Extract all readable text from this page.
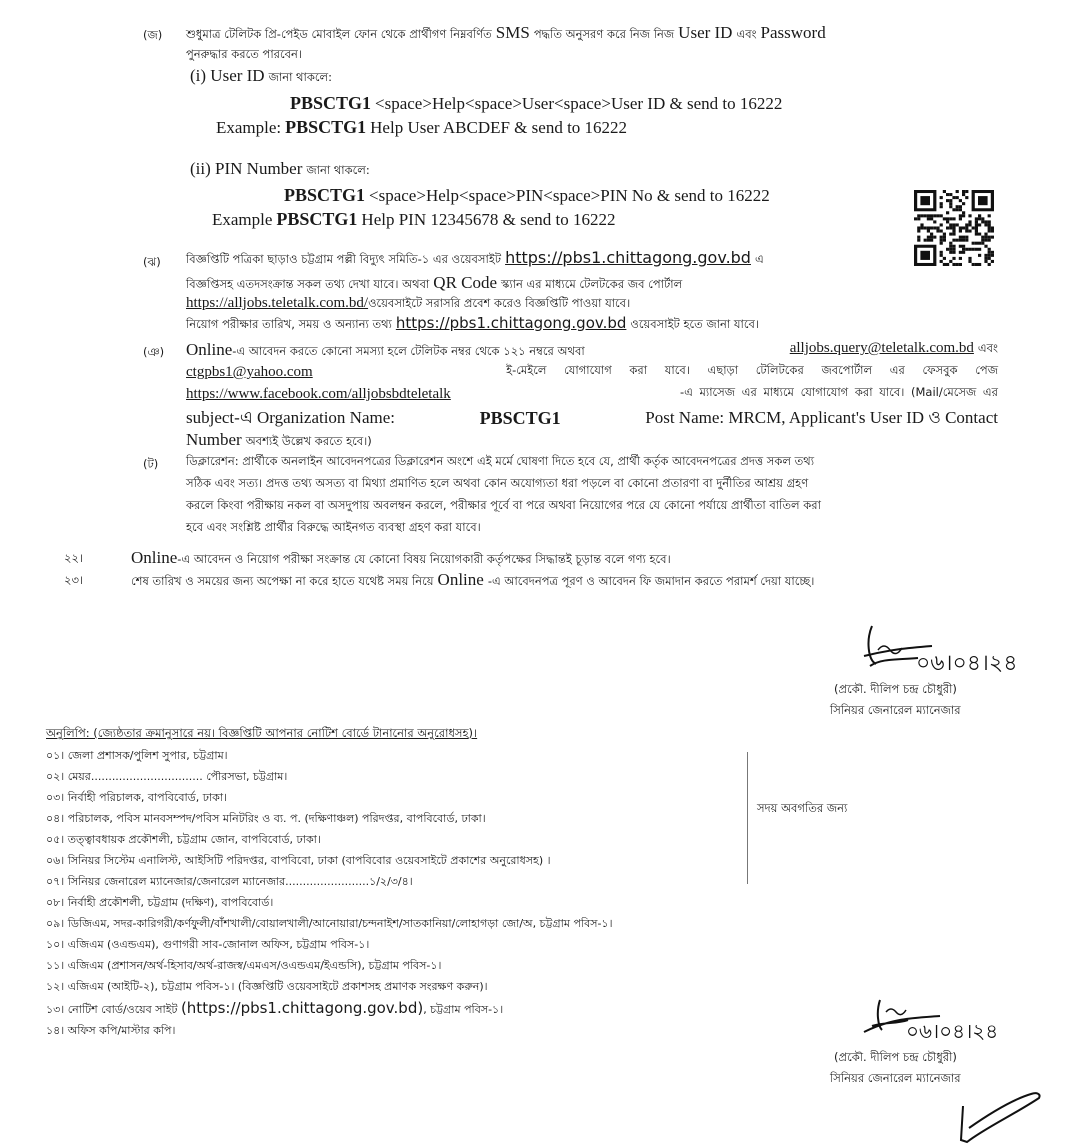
(জ) শুধুমাত্র টেলিটক প্রি-পেইড মোবাইল ফোন থেকে প্রার্থীগণ নিম্নবর্ণিত SMS পদ্ধতি অনুসরণ করে নিজ নিজ User ID এবং Password
পুনরুদ্ধার করতে পারবেন।
(i) User ID জানা থাকলে:
PBSCTG1 <space>Help<space>User<space>User ID & send to 16222
Example: PBSCTG1 Help User ABCDEF & send to 16222
(ii) PIN Number জানা থাকলে:
PBSCTG1 <space>Help<space>PIN<space>PIN No & send to 16222
Example PBSCTG1 Help PIN 12345678 & send to 16222
(ঝ) বিজ্ঞপ্তিটি পত্রিকা ছাড়াও চট্টগ্রাম পল্লী বিদ্যুৎ সমিতি-১ এর ওয়েবসাইট https://pbs1.chittagong.gov.bd এ
বিজ্ঞপ্তিসহ এতদসংক্রান্ত সকল তথ্য দেখা যাবে। অথবা QR Code স্ক্যান এর মাধ্যমে টেলটকের জব পোর্টাল
https://alljobs.teletalk.com.bd/ওয়েবসাইটে সরাসরি প্রবেশ করেও বিজ্ঞপ্তিটি পাওয়া যাবে।
নিয়োগ পরীক্ষার তারিখ, সময় ও অন্যান্য তথ্য https://pbs1.chittagong.gov.bd ওয়েবসাইট হতে জানা যাবে।
(ঞ) Online-এ আবেদন করতে কোনো সমস্যা হলে টেলিটক নম্বর থেকে ১২১ নম্বরে অথবা	alljobs.query@teletalk.com.bd এবং
ctgpbs1@yahoo.com	ই-মেইলে যোগাযোগ করা যাবে। এছাড়া টেলিটকের জবপোর্টাল এর ফেসবুক পেজ
https://www.facebook.com/alljobsbdteletalk	-এ ম্যাসেজ এর মাধ্যমে যোগাযোগ করা যাবে। (Mail/মেসেজ এর
subject-এ Organization Name:	PBSCTG1	Post Name: MRCM, Applicant's User ID ও Contact
Number অবশ্যই উল্লেখ করতে হবে।)
(ট) ডিক্লারেশন: প্রার্থীকে অনলাইন আবেদনপত্রের ডিক্লারেশন অংশে এই মর্মে ঘোষণা দিতে হবে যে, প্রার্থী কর্তৃক আবেদনপত্রের প্রদত্ত সকল তথ্য
সঠিক এবং সত্য। প্রদত্ত তথ্য অসত্য বা মিথ্যা প্রমাণিত হলে অথবা কোন অযোগ্যতা ধরা পড়লে বা কোনো প্রতারণা বা দুর্নীতির আশ্রয় গ্রহণ
করলে কিংবা পরীক্ষায় নকল বা অসদুপায় অবলম্বন করলে, পরীক্ষার পূর্বে বা পরে অথবা নিয়োগের পরে যে কোনো পর্যায়ে প্রার্থীতা বাতিল করা
হবে এবং সংশ্লিষ্ট প্রার্থীর বিরুদ্ধে আইনগত ব্যবস্থা গ্রহণ করা যাবে।
২২।	Online-এ আবেদন ও নিয়োগ পরীক্ষা সংক্রান্ত যে কোনো বিষয় নিয়োগকারী কর্তৃপক্ষের সিদ্ধান্তই চূড়ান্ত বলে গণ্য হবে।
২৩।	শেষ তারিখ ও সময়ের জন্য অপেক্ষা না করে হাতে যথেষ্ট সময় নিয়ে Online -এ আবেদনপত্র পূরণ ও আবেদন ফি জমাদান করতে পরামর্শ দেয়া যাচ্ছে।
০৬।০৪।২৪
(প্রকৌ. দীলিপ চন্দ্র চৌধুরী)
সিনিয়র জেনারেল ম্যানেজার
অনুলিপি: (জ্যেষ্ঠতার ক্রমানুসারে নয়। বিজ্ঞপ্তিটি আপনার নোটিশ বোর্ডে টানানোর অনুরোধসহ)।
০১। জেলা প্রশাসক/পুলিশ সুপার, চট্টগ্রাম।
০২। মেয়র................................ পৌরসভা, চট্টগ্রাম।
০৩। নির্বাহী পরিচালক, বাপবিবোর্ড, ঢাকা।
০৪। পরিচালক, পবিস মানবসম্পদ/পবিস মনিটরিং ও ব্য. প. (দক্ষিণাঞ্চল) পরিদপ্তর, বাপবিবোর্ড, ঢাকা।
০৫। তত্ত্বাবধায়ক প্রকৌশলী, চট্টগ্রাম জোন, বাপবিবোর্ড, ঢাকা।
০৬। সিনিয়র সিস্টেম এনালিস্ট, আইসিটি পরিদপ্তর, বাপবিবো, ঢাকা (বাপবিবোর ওয়েবসাইটে প্রকাশের অনুরোধসহ) ।
০৭। সিনিয়র জেনারেল ম্যানেজার/জেনারেল ম্যানেজার........................১/২/৩/৪।
০৮। নির্বাহী প্রকৌশলী, চট্টগ্রাম (দক্ষিণ), বাপবিবোর্ড।
০৯। ডিজিএম, সদর-কারিগরী/কর্ণফুলী/বাঁশখালী/বোয়ালখালী/আনোয়ারা/চন্দনাইশ/সাতকানিয়া/লোহাগড়া জো/অ, চট্টগ্রাম পবিস-১।
১০। এজিএম (ওএন্ডএম), গুণাগরী সাব-জোনাল অফিস, চট্টগ্রাম পবিস-১।
১১। এজিএম (প্রশাসন/অর্থ-হিসাব/অর্থ-রাজস্ব/এমএস/ওএন্ডএম/ইএন্ডসি), চট্টগ্রাম পবিস-১।
১২। এজিএম (আইটি-২), চট্টগ্রাম পবিস-১। (বিজ্ঞপ্তিটি ওয়েবসাইটে প্রকাশসহ প্রমাণক সংরক্ষণ করুন)।
১৩। নোটিশ বোর্ড/ওয়েব সাইট (https://pbs1.chittagong.gov.bd), চট্টগ্রাম পবিস-১।
১৪। অফিস কপি/মাস্টার কপি।
সদয় অবগতির জন্য
০৬।০৪।২৪
(প্রকৌ. দীলিপ চন্দ্র চৌধুরী)
সিনিয়র জেনারেল ম্যানেজার
